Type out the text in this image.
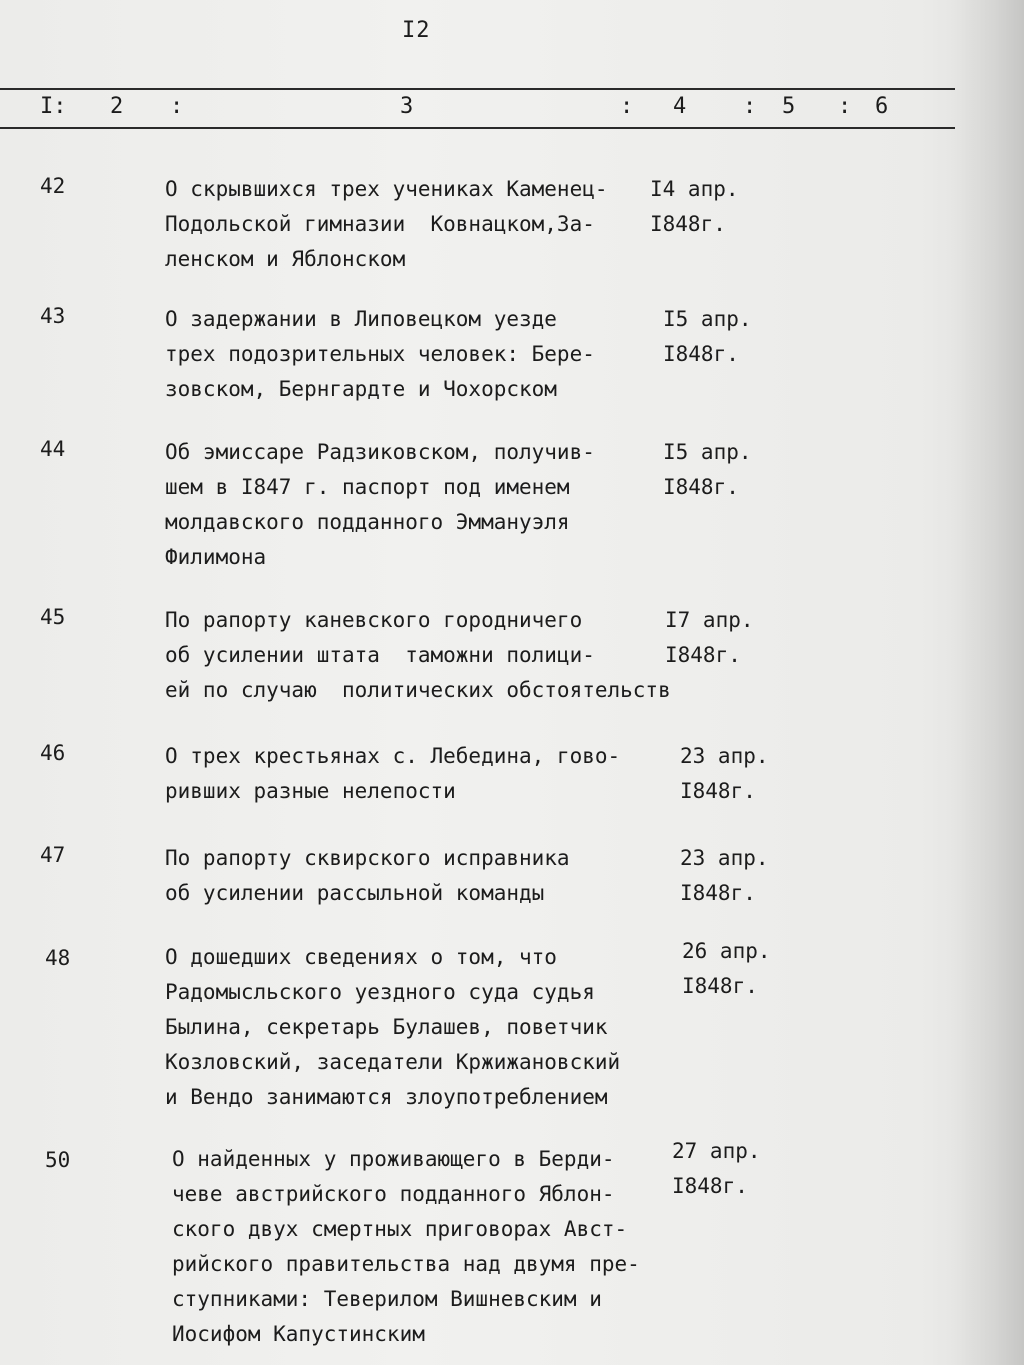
I2
I: 2 :	3	: 4	: 5 : 6
42	О скрывшихся трех учениках Каменец-
Подольской гимназии  Ковнацком,За-
ленском и Яблонском
I4 апр.
I848г.
43	О задержании в Липовецком уезде
трех подозрительных человек: Бере-
зовском, Бернгардте и Чохорском
I5 апр.
I848г.
44	Об эмиссаре Радзиковском, получив-
шем в I847 г. паспорт под именем
молдавского подданного Эммануэля
Филимона
I5 апр.
I848г.
45	По рапорту каневского городничего
об усилении штата  таможни полици-
ей по случаю  политических обстоятельств
I7 апр.
I848г.
46	О трех крестьянах с. Лебедина, гово-
ривших разные нелепости
23 апр.
I848г.
47	По рапорту сквирского исправника
об усилении рассыльной команды
23 апр.
I848г.
48	О дошедших сведениях о том, что
Радомысльского уездного суда судья
Былина, секретарь Булашев, поветчик
Козловский, заседатели Кржижановский
и Вендо занимаются злоупотреблением
26 апр.
I848г.
50	О найденных у проживающего в Берди-
чеве австрийского подданного Яблон-
ского двух смертных приговорах Авст-
рийского правительства над двумя пре-
ступниками: Теверилом Вишневским и
Иосифом Капустинским
27 апр.
I848г.
